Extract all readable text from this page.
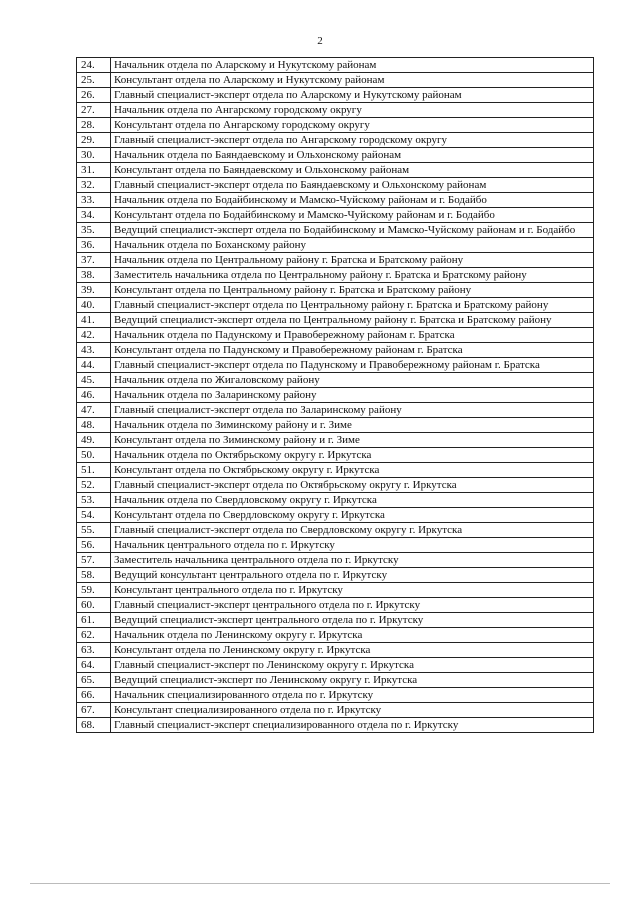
2
24.	Начальник отдела по Аларскому и Нукутскому районам
25.	Консультант отдела по Аларскому и Нукутскому районам
26.	Главный специалист-эксперт отдела по Аларскому и Нукутскому районам
27.	Начальник отдела по Ангарскому городскому округу
28.	Консультант отдела по Ангарскому городскому округу
29.	Главный специалист-эксперт отдела по Ангарскому городскому округу
30.	Начальник отдела по Баяндаевскому и Ольхонскому районам
31.	Консультант отдела по Баяндаевскому и Ольхонскому районам
32.	Главный специалист-эксперт отдела по Баяндаевскому и Ольхонскому районам
33.	Начальник отдела по Бодайбинскому и Мамско-Чуйскому районам и г. Бодайбо
34.	Консультант отдела по Бодайбинскому и Мамско-Чуйскому районам и г. Бодайбо
35.	Ведущий специалист-эксперт отдела по Бодайбинскому и Мамско-Чуйскому районам и г. Бодайбо
36.	Начальник отдела по Боханскому району
37.	Начальник отдела по Центральному району г. Братска и Братскому району
38.	Заместитель начальника отдела по Центральному району г. Братска и Братскому району
39.	Консультант отдела по Центральному району г. Братска и Братскому району
40.	Главный специалист-эксперт отдела по Центральному району г. Братска и Братскому району
41.	Ведущий специалист-эксперт отдела по Центральному району г. Братска и Братскому району
42.	Начальник отдела по Падунскому и Правобережному районам г. Братска
43.	Консультант отдела по Падунскому и Правобережному районам г. Братска
44.	Главный специалист-эксперт отдела по Падунскому и Правобережному районам г. Братска
45.	Начальник отдела по Жигаловскому району
46.	Начальник отдела по Заларинскому району
47.	Главный специалист-эксперт отдела по Заларинскому району
48.	Начальник отдела по Зиминскому району и г. Зиме
49.	Консультант отдела по Зиминскому району и г. Зиме
50.	Начальник отдела по Октябрьскому округу г. Иркутска
51.	Консультант отдела по Октябрьскому округу г. Иркутска
52.	Главный специалист-эксперт отдела по Октябрьскому округу г. Иркутска
53.	Начальник отдела по Свердловскому округу г. Иркутска
54.	Консультант отдела по Свердловскому округу г. Иркутска
55.	Главный специалист-эксперт отдела по Свердловскому округу г. Иркутска
56.	Начальник центрального отдела по г. Иркутску
57.	Заместитель начальника центрального отдела по г. Иркутску
58.	Ведущий консультант центрального отдела по г. Иркутску
59.	Консультант центрального отдела по г. Иркутску
60.	Главный специалист-эксперт центрального отдела по г. Иркутску
61.	Ведущий специалист-эксперт центрального отдела по г. Иркутску
62.	Начальник отдела по Ленинскому округу г. Иркутска
63.	Консультант отдела по Ленинскому округу г. Иркутска
64.	Главный специалист-эксперт по Ленинскому округу г. Иркутска
65.	Ведущий специалист-эксперт по Ленинскому округу г. Иркутска
66.	Начальник специализированного отдела по г. Иркутску
67.	Консультант специализированного отдела по г. Иркутску
68.	Главный специалист-эксперт специализированного отдела по г. Иркутску
